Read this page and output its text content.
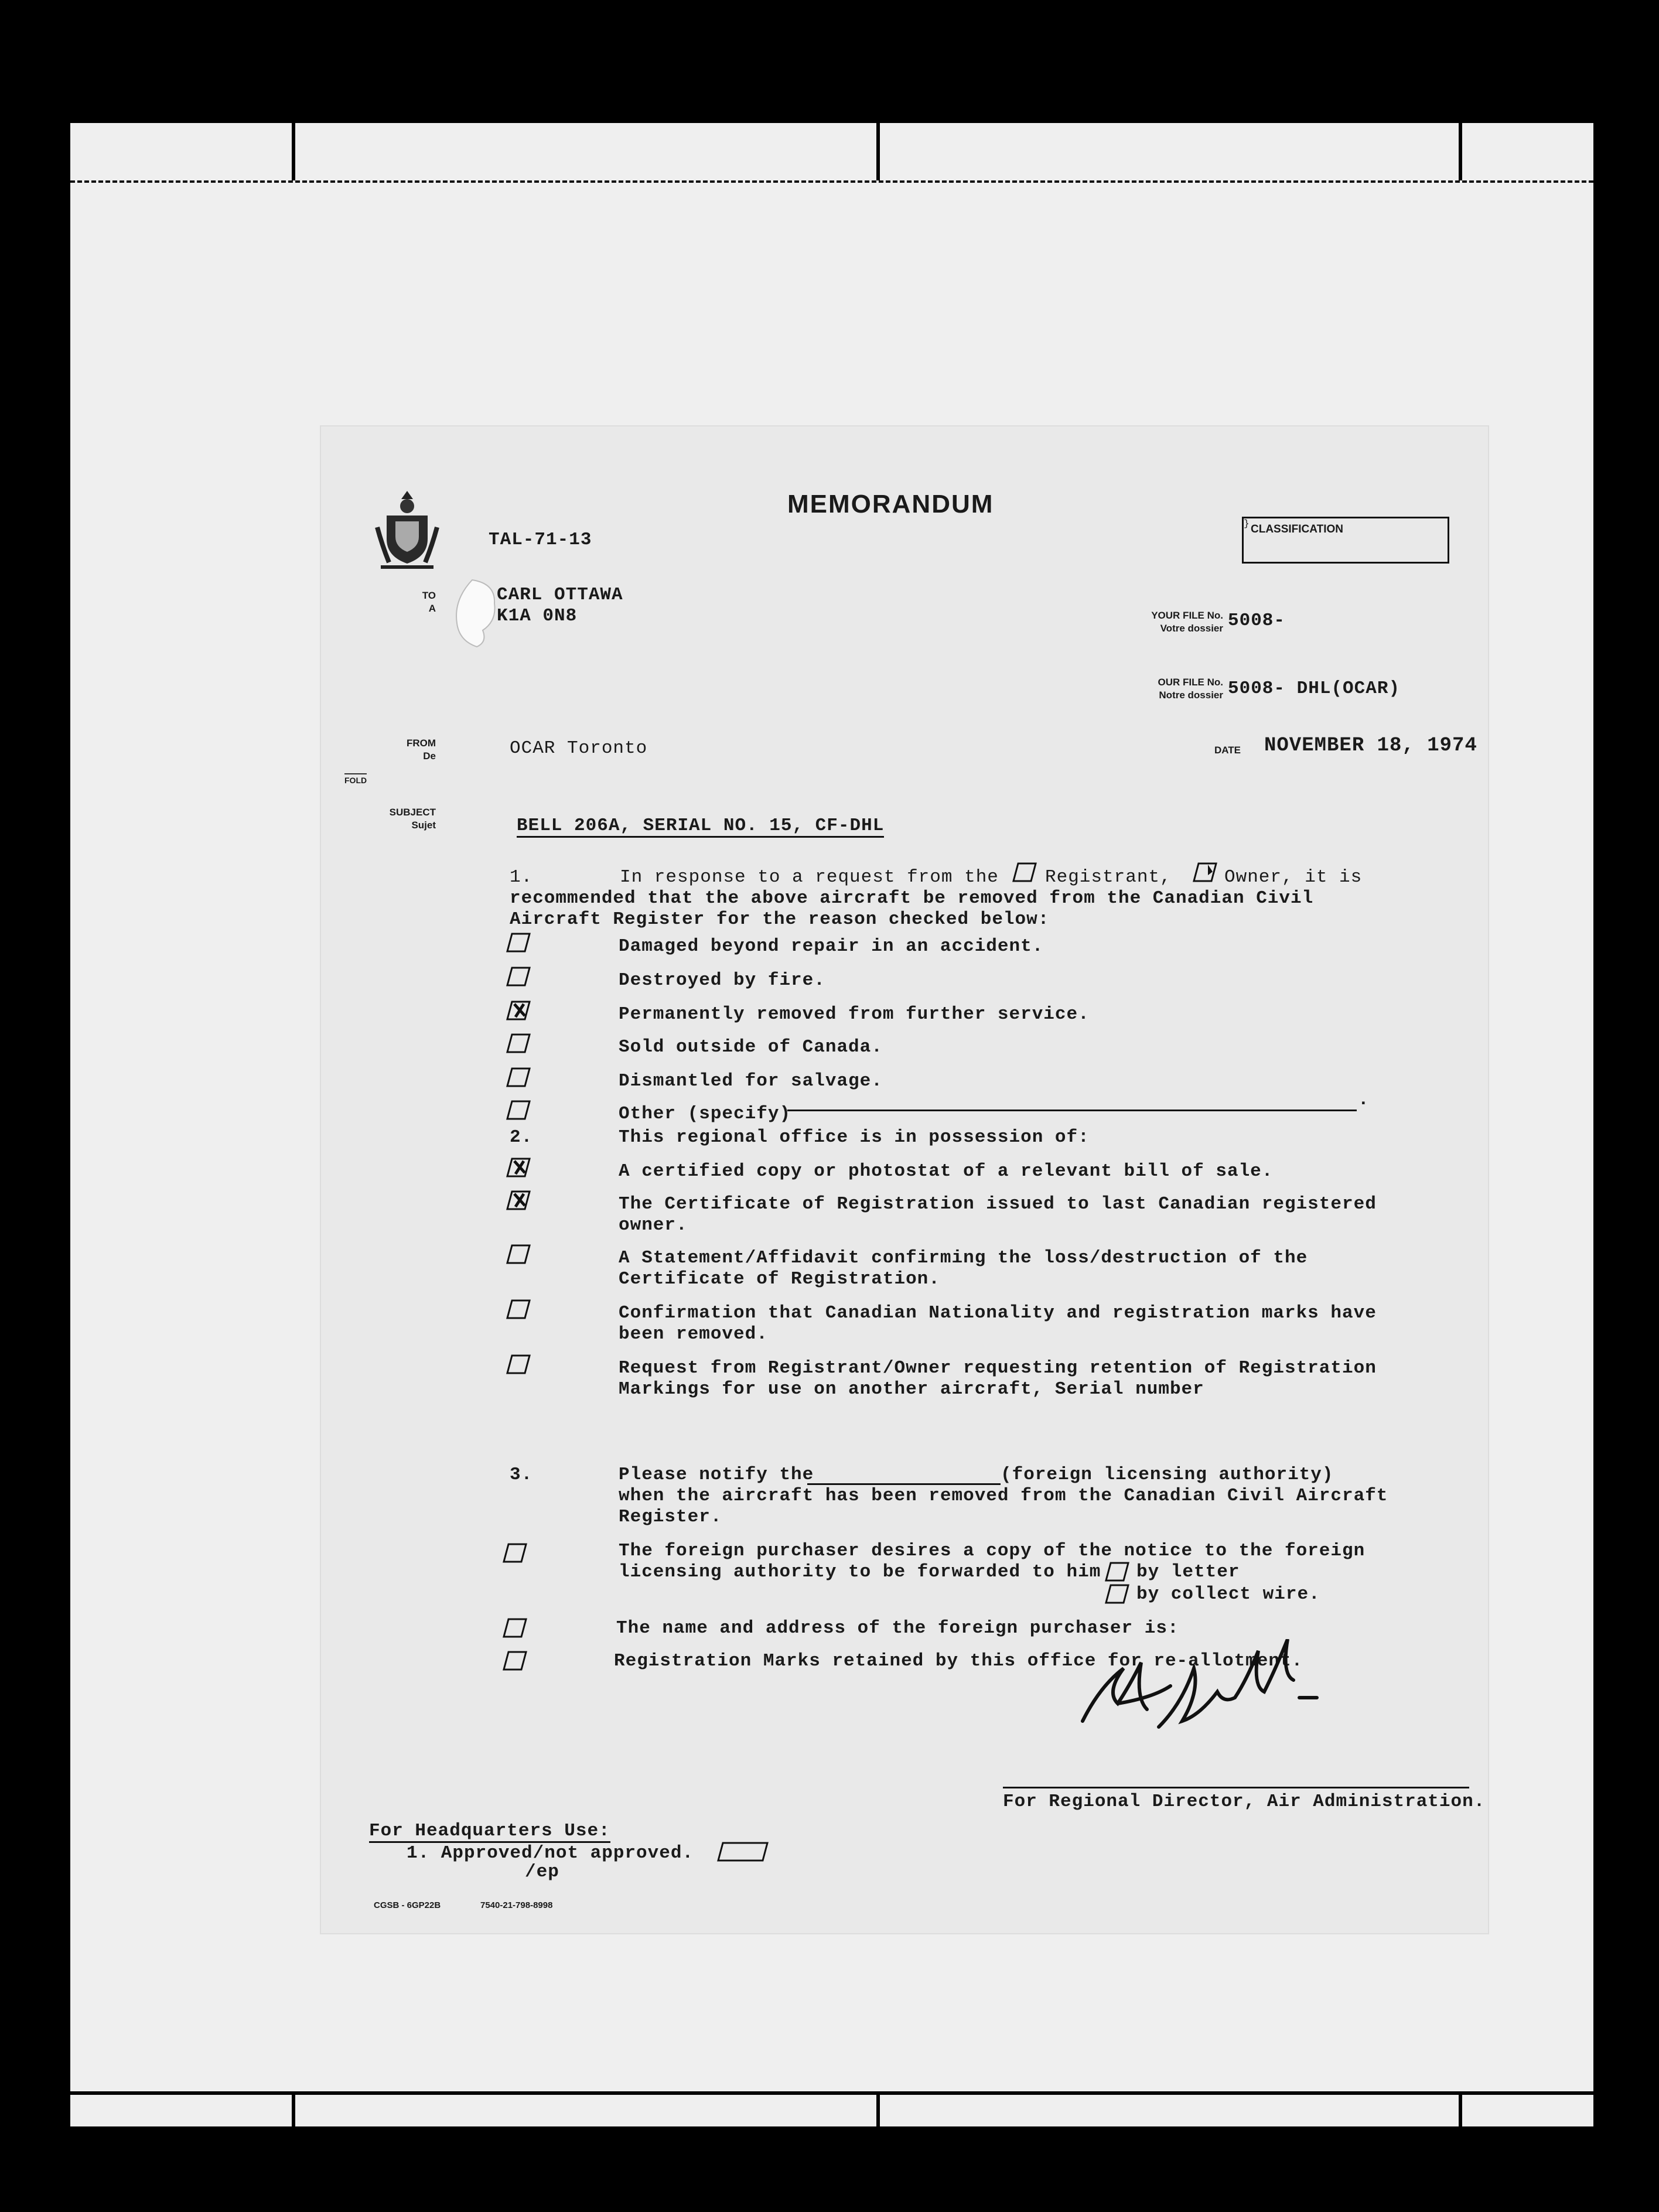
MEMORANDUM
TAL-71-13
CLASSIFICATION
}
TO
A
CARL OTTAWA
K1A 0N8	YOUR FILE No.
Votre dossier 5008-
OUR FILE No.
Notre dossier 5008- DHL(OCAR)
FROM
De	OCAR Toronto	DATE NOVEMBER 18, 1974
FOLD
SUBJECT
Sujet	BELL 206A, SERIAL NO. 15, CF-DHL
1.	In response to a request from the	Registrant,	Owner, it is
recommended that the above aircraft be removed from the Canadian Civil
Aircraft Register for the reason checked below:
Damaged beyond repair in an accident.
Destroyed by fire.
Permanently removed from further service.
Sold outside of Canada.
Dismantled for salvage.
Other (specify)
.
2.	This regional office is in possession of:
A certified copy or photostat of a relevant bill of sale.
The Certificate of Registration issued to last Canadian registered
owner.
A Statement/Affidavit confirming the loss/destruction of the
Certificate of Registration.
Confirmation that Canadian Nationality and registration marks have
been removed.
Request from Registrant/Owner requesting retention of Registration
Markings for use on another aircraft, Serial number
3.	Please notify the	(foreign licensing authority)
when the aircraft has been removed from the Canadian Civil Aircraft
Register.
The foreign purchaser desires a copy of the notice to the foreign
licensing authority to be forwarded to him by letter
by collect wire.
The name and address of the foreign purchaser is:
Registration Marks retained by this office for re-allotment.
For Regional Director, Air Administration.
For Headquarters Use:
1. Approved/not approved.
/ep
CGSB - 6GP22B	7540-21-798-8998
